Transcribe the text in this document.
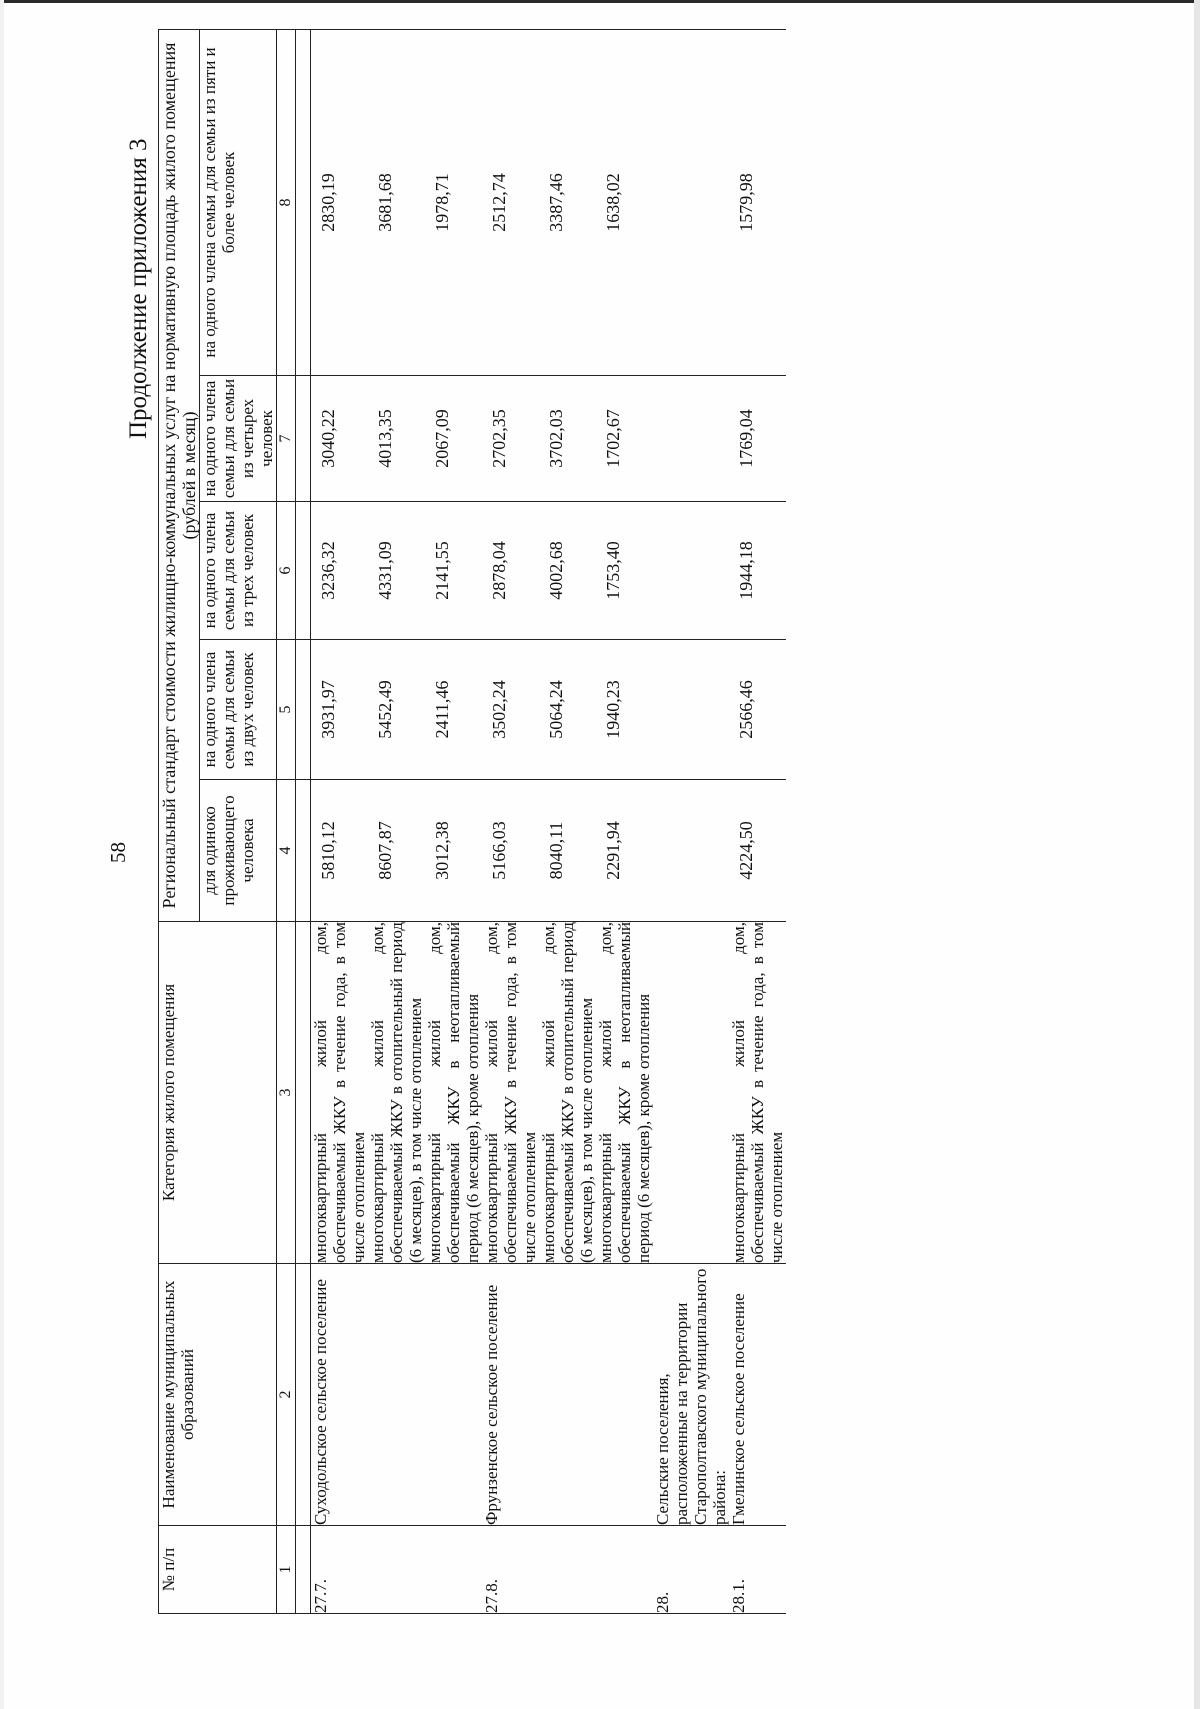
58
Продолжение приложения 3
№ п/п	Наименование муниципальных образований	Категория жилого помещения	Региональный стандарт стоимости жилищно-коммунальных услуг на нормативную площадь жилого помещения (рублей в месяц)				

			для одиноко проживающего человека	на одного члена семьи для семьи из двух человек	на одного члена семьи для семьи из трех человек	на одного члена семьи для семьи из четырех человек	на одного члена семьи для семьи из пяти и более человек
1	2	3	4	5	6	7	8

27.7.	Суходольское сельское поселение	многоквартирный жилой дом, обеспечиваемый ЖКУ в течение года, в том числе отоплением	5810,12	3931,97	3236,32	3040,22	2830,19
		многоквартирный жилой дом, обеспечиваемый ЖКУ в отопительный период (6 месяцев), в том числе отоплением	8607,87	5452,49	4331,09	4013,35	3681,68
		многоквартирный жилой дом, обеспечиваемый ЖКУ в неотапливаемый период (6 месяцев), кроме отопления	3012,38	2411,46	2141,55	2067,09	1978,71
27.8.	Фрунзенское сельское поселение	многоквартирный жилой дом, обеспечиваемый ЖКУ в течение года, в том числе отоплением	5166,03	3502,24	2878,04	2702,35	2512,74
		многоквартирный жилой дом, обеспечиваемый ЖКУ в отопительный период (6 месяцев), в том числе отоплением	8040,11	5064,24	4002,68	3702,03	3387,46
		многоквартирный жилой дом, обеспечиваемый ЖКУ в неотапливаемый период (6 месяцев), кроме отопления	2291,94	1940,23	1753,40	1702,67	1638,02
28.	Сельские поселения, расположенные на территории Старополтавского муниципального района:						
28.1.	Гмелинское сельское поселение	многоквартирный жилой дом, обеспечиваемый ЖКУ в течение года, в том числе отоплением	4224,50	2566,46	1944,18	1769,04	1579,98
